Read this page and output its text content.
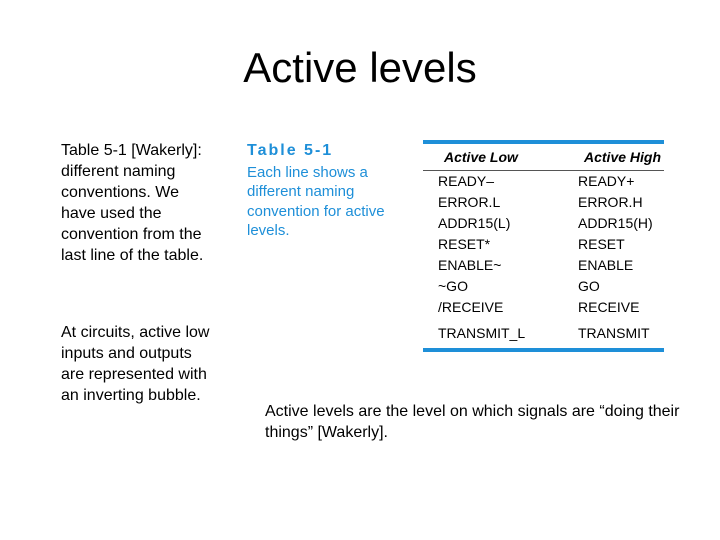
Active levels
Table 5-1 [Wakerly]: different naming conventions. We have used the convention from the last line of the table.
At circuits, active low inputs and outputs are represented with an inverting bubble.
Table 5-1
Each line shows a different naming convention for active levels.
Active Low	Active High
READY–	READY+
ERROR.L	ERROR.H
ADDR15(L)	ADDR15(H)
RESET*	RESET
ENABLE~	ENABLE
~GO	GO
/RECEIVE	RECEIVE
TRANSMIT_L	TRANSMIT
Active levels are the level on which signals are “doing their things” [Wakerly].
